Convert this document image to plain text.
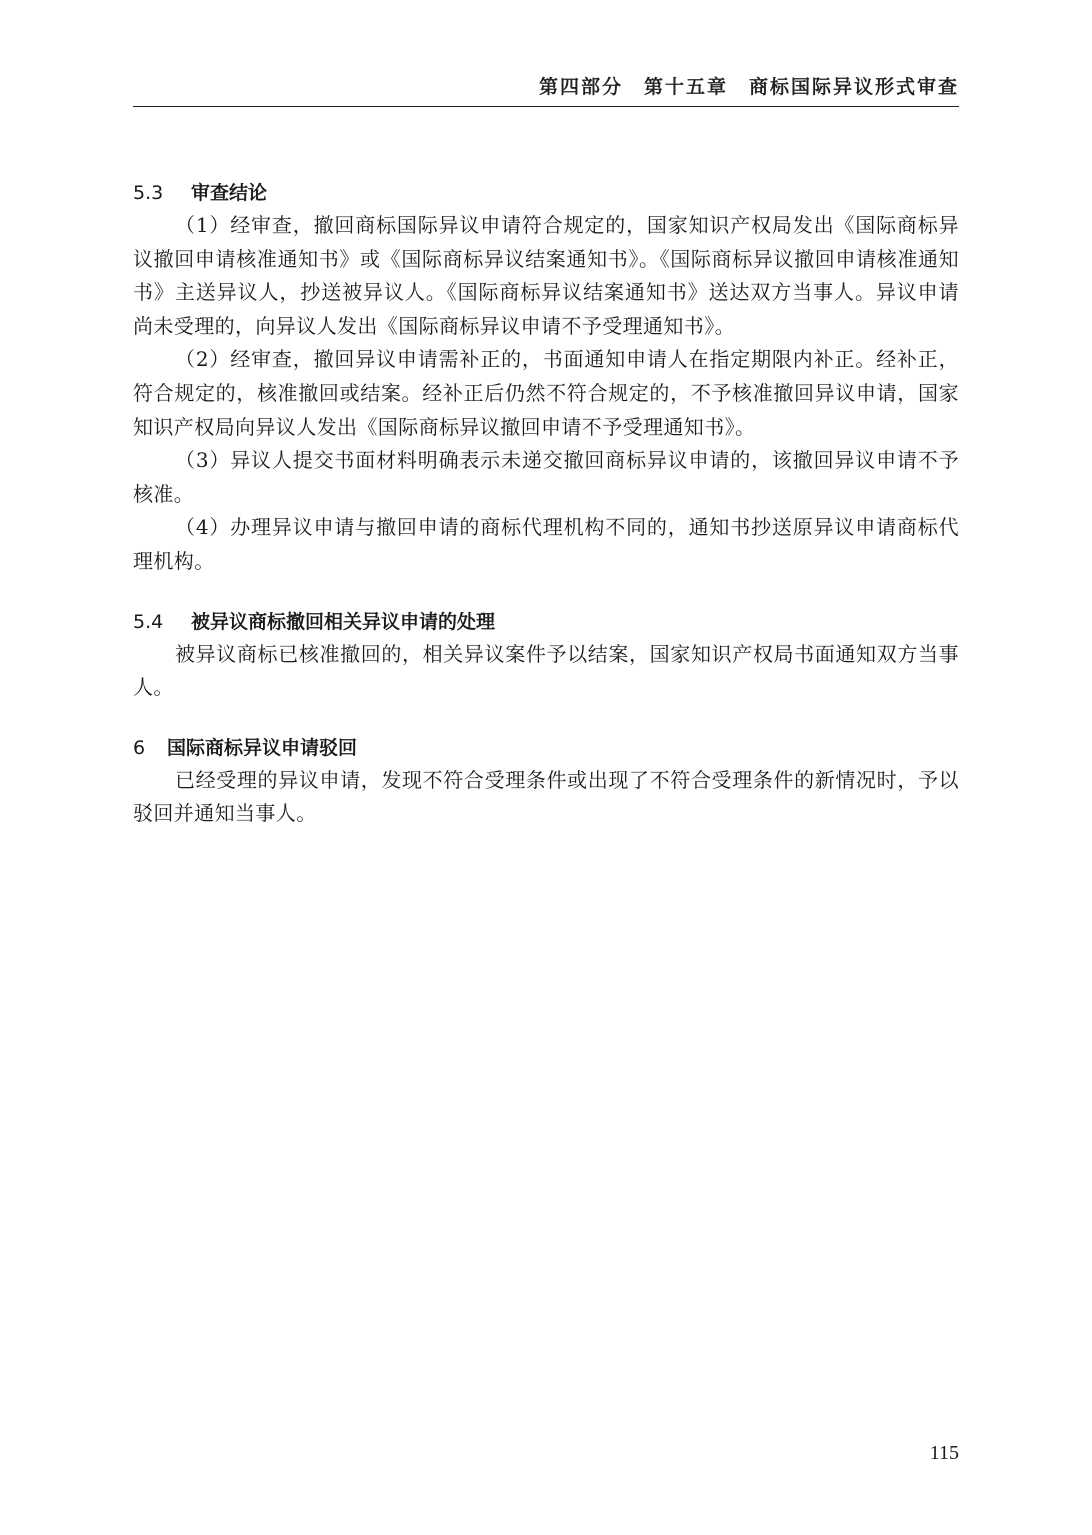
第四部分　第十五章　商标国际异议形式审查
5.3 审查结论

（1）经审查，撤回商标国际异议申请符合规定的，国家知识产权局发出《国际商标异议撤回申请核准通知书》或《国际商标异议结案通知书》。《国际商标异议撤回申请核准通知书》主送异议人，抄送被异议人。《国际商标异议结案通知书》送达双方当事人。异议申请尚未受理的，向异议人发出《国际商标异议申请不予受理通知书》。

（2）经审查，撤回异议申请需补正的，书面通知申请人在指定期限内补正。经补正，符合规定的，核准撤回或结案。经补正后仍然不符合规定的，不予核准撤回异议申请，国家知识产权局向异议人发出《国际商标异议撤回申请不予受理通知书》。

（3）异议人提交书面材料明确表示未递交撤回商标异议申请的，该撤回异议申请不予核准。

（4）办理异议申请与撤回申请的商标代理机构不同的，通知书抄送原异议申请商标代理机构。

5.4 被异议商标撤回相关异议申请的处理

被异议商标已核准撤回的，相关异议案件予以结案，国家知识产权局书面通知双方当事人。

6 国际商标异议申请驳回

已经受理的异议申请，发现不符合受理条件或出现了不符合受理条件的新情况时，予以驳回并通知当事人。

115
